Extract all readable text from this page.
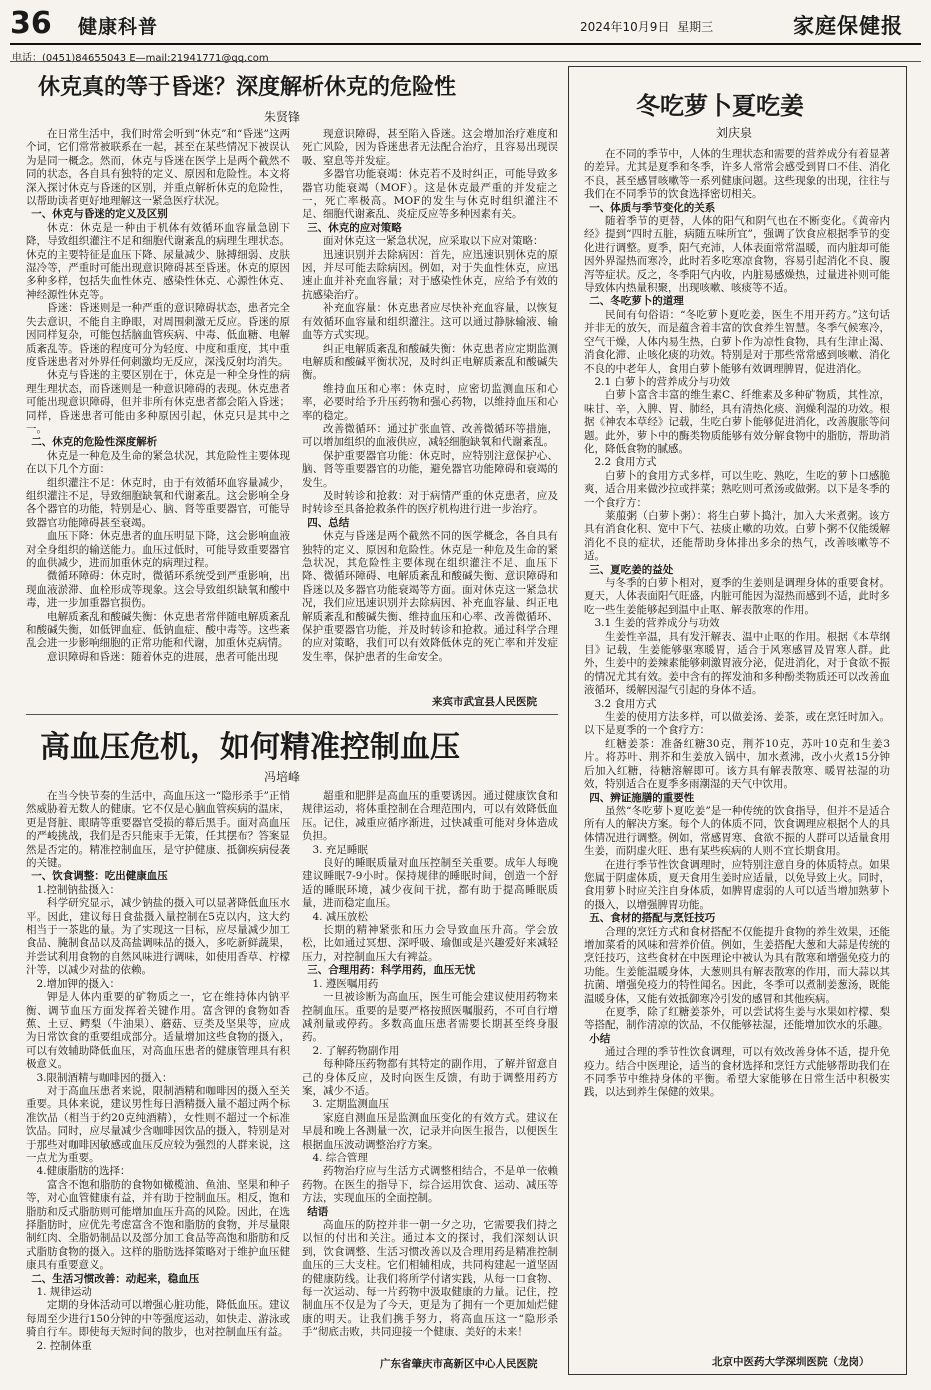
36 健康科普	2024年10月9日 星期三	家庭保健报
电话：(0451)84655043 E—mail:21941771@qq.com
休克真的等于昏迷？深度解析休克的危险性
朱贤锋

在日常生活中，我们时常会听到“休克”和“昏迷”这两个词，它们常常被联系在一起，甚至在某些情况下被误认为是同一概念。然而，休克与昏迷在医学上是两个截然不同的状态，各自具有独特的定义、原因和危险性。本文将深入探讨休克与昏迷的区别，并重点解析休克的危险性，以帮助读者更好地理解这一紧急医疗状况。

一、休克与昏迷的定义及区别

休克：休克是一种由于机体有效循环血容量急剧下降，导致组织灌注不足和细胞代谢紊乱的病理生理状态。休克的主要特征是血压下降、尿量减少、脉搏细弱、皮肤湿冷等，严重时可能出现意识障碍甚至昏迷。休克的原因多种多样，包括失血性休克、感染性休克、心源性休克、神经源性休克等。

昏迷：昏迷则是一种严重的意识障碍状态，患者完全失去意识，不能自主睁眼，对周围刺激无反应。昏迷的原因同样复杂，可能包括脑血管疾病、中毒、低血糖、电解质紊乱等。昏迷的程度可分为轻度、中度和重度，其中重度昏迷患者对外界任何刺激均无反应，深浅反射均消失。

休克与昏迷的主要区别在于，休克是一种全身性的病理生理状态，而昏迷则是一种意识障碍的表现。休克患者可能出现意识障碍，但并非所有休克患者都会陷入昏迷；同样，昏迷患者可能由多种原因引起，休克只是其中之一。

二、休克的危险性深度解析

休克是一种危及生命的紧急状况，其危险性主要体现在以下几个方面：

组织灌注不足：休克时，由于有效循环血容量减少，组织灌注不足，导致细胞缺氧和代谢紊乱。这会影响全身各个器官的功能，特别是心、脑、肾等重要器官，可能导致器官功能障碍甚至衰竭。

血压下降：休克患者的血压明显下降，这会影响血液对全身组织的输送能力。血压过低时，可能导致重要器官的血供减少，进而加重休克的病理过程。

微循环障碍：休克时，微循环系统受到严重影响，出现血液淤滞、血栓形成等现象。这会导致组织缺氧和酸中毒，进一步加重器官损伤。

电解质紊乱和酸碱失衡：休克患者常伴随电解质紊乱和酸碱失衡，如低钾血症、低钠血症、酸中毒等。这些紊乱会进一步影响细胞的正常功能和代谢，加重休克病情。

意识障碍和昏迷：随着休克的进展，患者可能出现

现意识障碍，甚至陷入昏迷。这会增加治疗难度和死亡风险，因为昏迷患者无法配合治疗，且容易出现误吸、窒息等并发症。

多器官功能衰竭：休克若不及时纠正，可能导致多器官功能衰竭（MOF）。这是休克最严重的并发症之一，死亡率极高。MOF的发生与休克时组织灌注不足、细胞代谢紊乱、炎症反应等多种因素有关。

三、休克的应对策略

面对休克这一紧急状况，应采取以下应对策略：

迅速识别并去除病因：首先，应迅速识别休克的原因，并尽可能去除病因。例如，对于失血性休克，应迅速止血并补充血容量；对于感染性休克，应给予有效的抗感染治疗。

补充血容量：休克患者应尽快补充血容量，以恢复有效循环血容量和组织灌注。这可以通过静脉输液、输血等方式实现。

纠正电解质紊乱和酸碱失衡：休克患者应定期监测电解质和酸碱平衡状况，及时纠正电解质紊乱和酸碱失衡。

维持血压和心率：休克时，应密切监测血压和心率，必要时给予升压药物和强心药物，以维持血压和心率的稳定。

改善微循环：通过扩张血管、改善微循环等措施，可以增加组织的血液供应，减轻细胞缺氧和代谢紊乱。

保护重要器官功能：休克时，应特别注意保护心、脑、肾等重要器官的功能，避免器官功能障碍和衰竭的发生。

及时转诊和抢救：对于病情严重的休克患者，应及时转诊至具备抢救条件的医疗机构进行进一步治疗。

四、总结

休克与昏迷是两个截然不同的医学概念，各自具有独特的定义、原因和危险性。休克是一种危及生命的紧急状况，其危险性主要体现在组织灌注不足、血压下降、微循环障碍、电解质紊乱和酸碱失衡、意识障碍和昏迷以及多器官功能衰竭等方面。面对休克这一紧急状况，我们应迅速识别并去除病因、补充血容量、纠正电解质紊乱和酸碱失衡、维持血压和心率、改善微循环、保护重要器官功能，并及时转诊和抢救。通过科学合理的应对策略，我们可以有效降低休克的死亡率和并发症发生率，保护患者的生命安全。

来宾市武宣县人民医院
高血压危机，如何精准控制血压
冯培峰

在当今快节奏的生活中，高血压这一“隐形杀手”正悄然威胁着无数人的健康。它不仅是心脑血管疾病的温床，更是肾脏、眼睛等重要器官受损的幕后黑手。面对高血压的严峻挑战，我们是否只能束手无策，任其摆布？答案显然是否定的。精准控制血压，是守护健康、抵御疾病侵袭的关键。

一、饮食调整：吃出健康血压

1.控制钠盐摄入：

科学研究显示，减少钠盐的摄入可以显著降低血压水平。因此，建议每日食盐摄入量控制在5克以内，这大约相当于一茶匙的量。为了实现这一目标，应尽量减少加工食品、腌制食品以及高盐调味品的摄入，多吃新鲜蔬果，并尝试利用食物的自然风味进行调味，如使用香草、柠檬汁等，以减少对盐的依赖。

2.增加钾的摄入：

钾是人体内重要的矿物质之一，它在维持体内钠平衡、调节血压方面发挥着关键作用。富含钾的食物如香蕉、土豆、鳄梨（牛油果）、蘑菇、豆类及坚果等，应成为日常饮食的重要组成部分。适量增加这些食物的摄入，可以有效辅助降低血压，对高血压患者的健康管理具有积极意义。

3.限制酒精与咖啡因的摄入：

对于高血压患者来说，限制酒精和咖啡因的摄入至关重要。具体来说，建议男性每日酒精摄入量不超过两个标准饮品（相当于约20克纯酒精），女性则不超过一个标准饮品。同时，应尽量减少含咖啡因饮品的摄入，特别是对于那些对咖啡因敏感或血压反应较为强烈的人群来说，这一点尤为重要。

4.健康脂肪的选择：

富含不饱和脂肪的食物如橄榄油、鱼油、坚果和种子等，对心血管健康有益，并有助于控制血压。相反，饱和脂肪和反式脂肪则可能增加血压升高的风险。因此，在选择脂肪时，应优先考虑富含不饱和脂肪的食物，并尽量限制红肉、全脂奶制品以及部分加工食品等高饱和脂肪和反式脂肪食物的摄入。这样的脂肪选择策略对于维护血压健康具有重要意义。

二、生活习惯改善：动起来，稳血压

1. 规律运动

定期的身体活动可以增强心脏功能，降低血压。建议每周至少进行150分钟的中等强度运动，如快走、游泳或骑自行车。即使每天短时间的散步，也对控制血压有益。

2. 控制体重

超重和肥胖是高血压的重要诱因。通过健康饮食和规律运动，将体重控制在合理范围内，可以有效降低血压。记住，减重应循序渐进，过快减重可能对身体造成负担。

3. 充足睡眠

良好的睡眠质量对血压控制至关重要。成年人每晚建议睡眠7-9小时。保持规律的睡眠时间，创造一个舒适的睡眠环境，减少夜间干扰，都有助于提高睡眠质量，进而稳定血压。

4. 减压放松

长期的精神紧张和压力会导致血压升高。学会放松，比如通过冥想、深呼吸、瑜伽或是兴趣爱好来减轻压力，对控制血压大有裨益。

三、合理用药：科学用药，血压无忧

1. 遵医嘱用药

一旦被诊断为高血压，医生可能会建议使用药物来控制血压。重要的是要严格按照医嘱服药，不可自行增减剂量或停药。多数高血压患者需要长期甚至终身服药。

2. 了解药物副作用

每种降压药物都有其特定的副作用，了解并留意自己的身体反应，及时向医生反馈，有助于调整用药方案，减少不适。

3. 定期监测血压

家庭自测血压是监测血压变化的有效方式。建议在早晨和晚上各测量一次，记录并向医生报告，以便医生根据血压波动调整治疗方案。

4. 综合管理

药物治疗应与生活方式调整相结合，不是单一依赖药物。在医生的指导下，综合运用饮食、运动、减压等方法，实现血压的全面控制。

结语

高血压的防控并非一朝一夕之功，它需要我们持之以恒的付出和关注。通过本文的探讨，我们深刻认识到，饮食调整、生活习惯改善以及合理用药是精准控制血压的三大支柱。它们相辅相成，共同构建起一道坚固的健康防线。让我们将所学付诸实践，从每一口食物、每一次运动、每一片药物中汲取健康的力量。记住，控制血压不仅是为了今天，更是为了拥有一个更加灿烂健康的明天。让我们携手努力，将高血压这一“隐形杀手”彻底击败，共同迎接一个健康、美好的未来！

广东省肇庆市高新区中心人民医院
冬吃萝卜夏吃姜
刘庆泉

在不同的季节中，人体的生理状态和需要的营养成分有着显著的差异。尤其是夏季和冬季，许多人常常会感受到胃口不佳、消化不良，甚至感冒咳嗽等一系列健康问题。这些现象的出现，往往与我们在不同季节的饮食选择密切相关。

一、体质与季节变化的关系

随着季节的更替，人体的阳气和阴气也在不断变化。《黄帝内经》提到“四时五脏，病随五味所宜”，强调了饮食应根据季节的变化进行调整。夏季，阳气充沛，人体表面常常温暖，而内脏却可能因外界湿热而寒冷，此时若多吃寒凉食物，容易引起消化不良、腹泻等症状。反之，冬季阳气内收，内脏易感燥热，过量进补则可能导致体内热量积聚，出现咳嗽、咳痰等不适。

二、冬吃萝卜的道理

民间有句俗语：“冬吃萝卜夏吃姜，医生不用开药方。”这句话并非无的放矢，而是蕴含着丰富的饮食养生智慧。冬季气候寒冷，空气干燥，人体内易生热，白萝卜作为凉性食物，具有生津止渴、消食化滞、止咳化痰的功效。特别是对于那些常常感到咳嗽、消化不良的中老年人，食用白萝卜能够有效调理脾胃，促进消化。

2.1 白萝卜的营养成分与功效

白萝卜富含丰富的维生素C、纤维素及多种矿物质，其性凉，味甘、辛，入脾、胃、肺经，具有清热化痰、润燥利湿的功效。根据《神农本草经》记载，生吃白萝卜能够促进消化，改善腹胀等问题。此外，萝卜中的酶类物质能够有效分解食物中的脂肪，帮助消化，降低食物的腻感。

2.2 食用方式

白萝卜的食用方式多样，可以生吃、熟吃，生吃的萝卜口感脆爽，适合用来做沙拉或拌菜；熟吃则可煮汤或做粥。以下是冬季的一个食疗方：

莱菔粥（白萝卜粥）：将生白萝卜捣汁，加入大米煮粥。该方具有消食化积、宽中下气、祛痰止嗽的功效。白萝卜粥不仅能缓解消化不良的症状，还能帮助身体排出多余的热气，改善咳嗽等不适。

三、夏吃姜的益处

与冬季的白萝卜相对，夏季的生姜则是调理身体的重要食材。夏天，人体表面阳气旺盛，内脏可能因为湿热而感到不适，此时多吃一些生姜能够起到温中止呕、解表散寒的作用。

3.1 生姜的营养成分与功效

生姜性辛温，具有发汗解表、温中止呕的作用。根据《本草纲目》记载，生姜能够驱寒暖胃，适合于风寒感冒及胃寒人群。此外，生姜中的姜辣素能够刺激胃液分泌，促进消化，对于食欲不振的情况尤其有效。姜中含有的挥发油和多种酚类物质还可以改善血液循环，缓解因湿气引起的身体不适。

3.2 食用方式

生姜的使用方法多样，可以做姜汤、姜茶，或在烹饪时加入。以下是夏季的一个食疗方：

红糖姜茶：准备红糖30克，荆芥10克，苏叶10克和生姜3片。将苏叶、荆芥和生姜放入锅中，加水煮沸，改小火煮15分钟后加入红糖，待糖溶解即可。该方具有解表散寒、暖胃祛湿的功效，特别适合在夏季多雨潮湿的天气中饮用。

四、辨证施膳的重要性

虽然“冬吃萝卜夏吃姜”是一种传统的饮食指导，但并不是适合所有人的解决方案。每个人的体质不同，饮食调理应根据个人的具体情况进行调整。例如，常感胃寒、食欲不振的人群可以适量食用生姜，而阴虚火旺、患有某些疾病的人则不宜长期食用。

在进行季节性饮食调理时，应特别注意自身的体质特点。如果您属于阴虚体质，夏天食用生姜时应适量，以免导致上火。同时，食用萝卜时应关注自身体质，如脾胃虚弱的人可以适当增加熟萝卜的摄入，以增强脾胃功能。

五、食材的搭配与烹饪技巧

合理的烹饪方式和食材搭配不仅能提升食物的养生效果，还能增加菜肴的风味和营养价值。例如，生姜搭配大葱和大蒜是传统的烹饪技巧，这些食材在中医理论中被认为具有散寒和增强免疫力的功能。生姜能温暖身体，大葱则具有解表散寒的作用，而大蒜以其抗菌、增强免疫力的特性闻名。因此，冬季可以煮制姜葱汤，既能温暖身体，又能有效抵御寒冷引发的感冒和其他疾病。

在夏季，除了红糖姜茶外，可以尝试将生姜与水果如柠檬、梨等搭配，制作清凉的饮品，不仅能够祛湿，还能增加饮水的乐趣。

小结

通过合理的季节性饮食调理，可以有效改善身体不适，提升免疫力。结合中医理论，适当的食材选择和烹饪方式能够帮助我们在不同季节中维持身体的平衡。希望大家能够在日常生活中积极实践，以达到养生保健的效果。

北京中医药大学深圳医院（龙岗）
